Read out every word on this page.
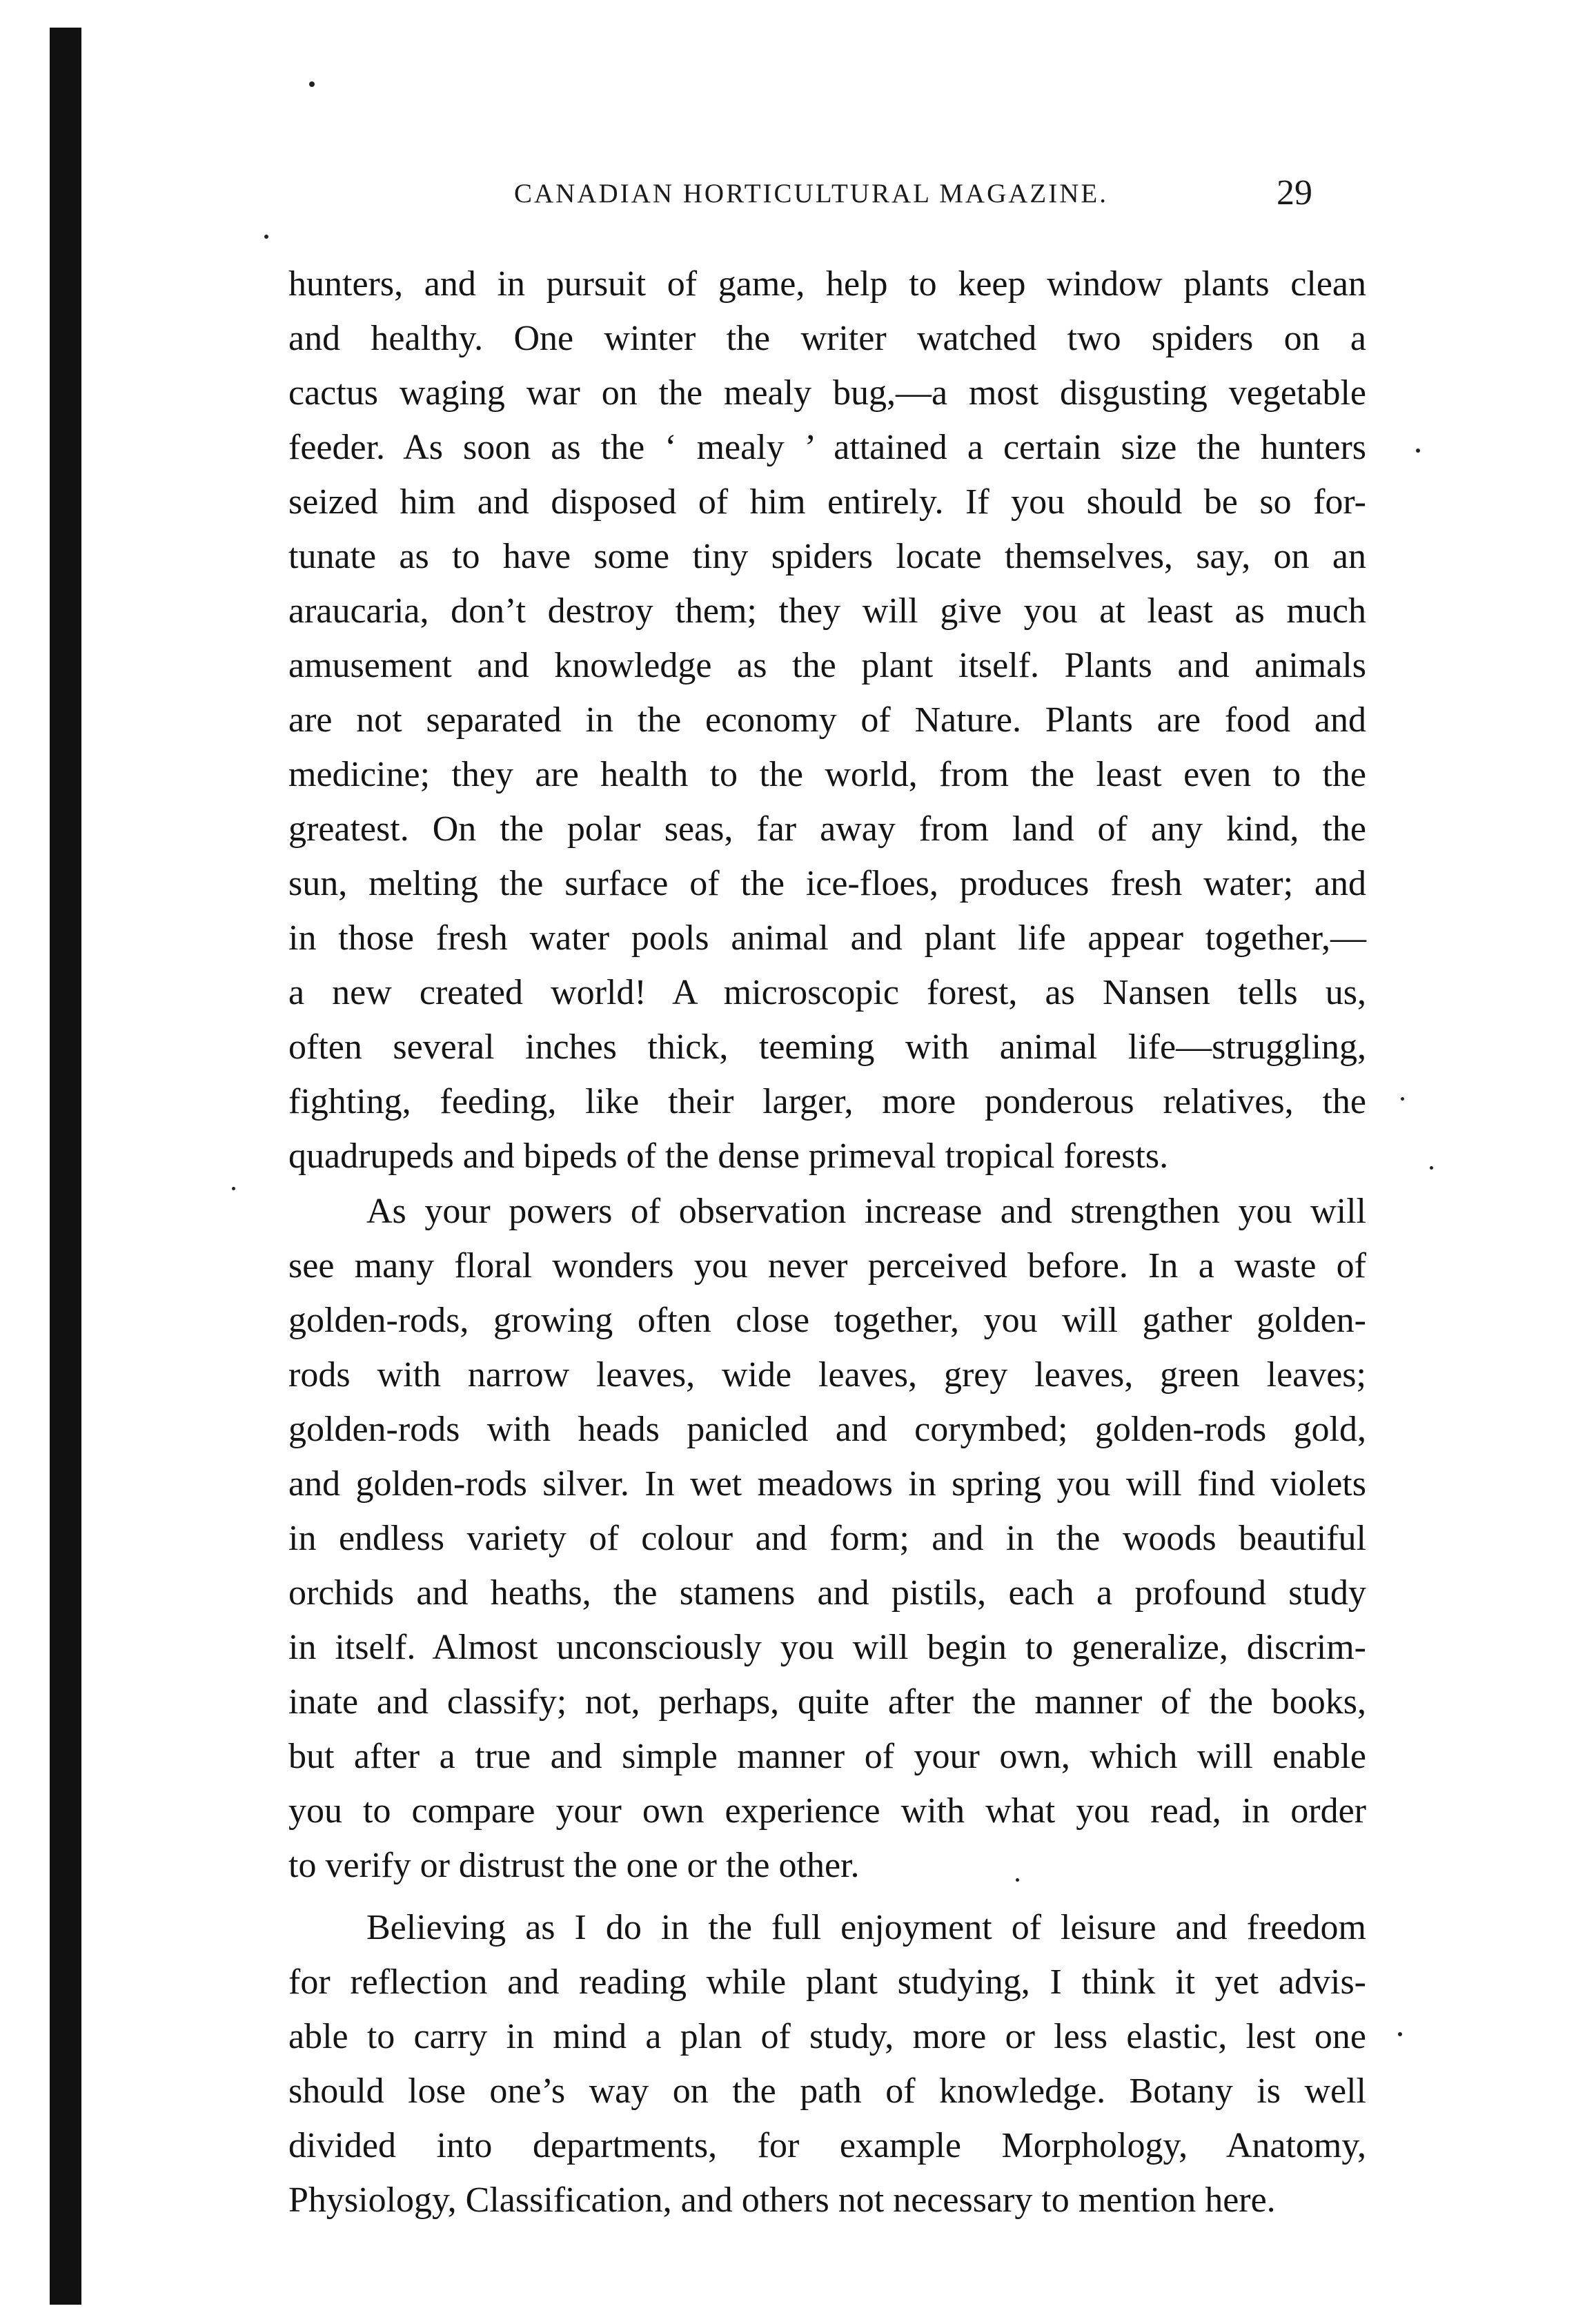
CANADIAN HORTICULTURAL MAGAZINE.	29
hunters, and in pursuit of game, help to keep window plants clean
and healthy. One winter the writer watched two spiders on a
cactus waging war on the mealy bug,—a most disgusting vegetable
feeder. As soon as the ‘ mealy ’ attained a certain size the hunters
seized him and disposed of him entirely. If you should be so for-
tunate as to have some tiny spiders locate themselves, say, on an
araucaria, don’t destroy them; they will give you at least as much
amusement and knowledge as the plant itself. Plants and animals
are not separated in the economy of Nature. Plants are food and
medicine; they are health to the world, from the least even to the
greatest. On the polar seas, far away from land of any kind, the
sun, melting the surface of the ice-floes, produces fresh water; and
in those fresh water pools animal and plant life appear together,—
a new created world! A microscopic forest, as Nansen tells us,
often several inches thick, teeming with animal life—struggling,
fighting, feeding, like their larger, more ponderous relatives, the
quadrupeds and bipeds of the dense primeval tropical forests.
As your powers of observation increase and strengthen you will
see many floral wonders you never perceived before. In a waste of
golden-rods, growing often close together, you will gather golden-
rods with narrow leaves, wide leaves, grey leaves, green leaves;
golden-rods with heads panicled and corymbed; golden-rods gold,
and golden-rods silver. In wet meadows in spring you will find violets
in endless variety of colour and form; and in the woods beautiful
orchids and heaths, the stamens and pistils, each a profound study
in itself. Almost unconsciously you will begin to generalize, discrim-
inate and classify; not, perhaps, quite after the manner of the books,
but after a true and simple manner of your own, which will enable
you to compare your own experience with what you read, in order
to verify or distrust the one or the other.
Believing as I do in the full enjoyment of leisure and freedom
for reflection and reading while plant studying, I think it yet advis-
able to carry in mind a plan of study, more or less elastic, lest one
should lose one’s way on the path of knowledge. Botany is well
divided into departments, for example Morphology, Anatomy,
Physiology, Classification, and others not necessary to mention here.
